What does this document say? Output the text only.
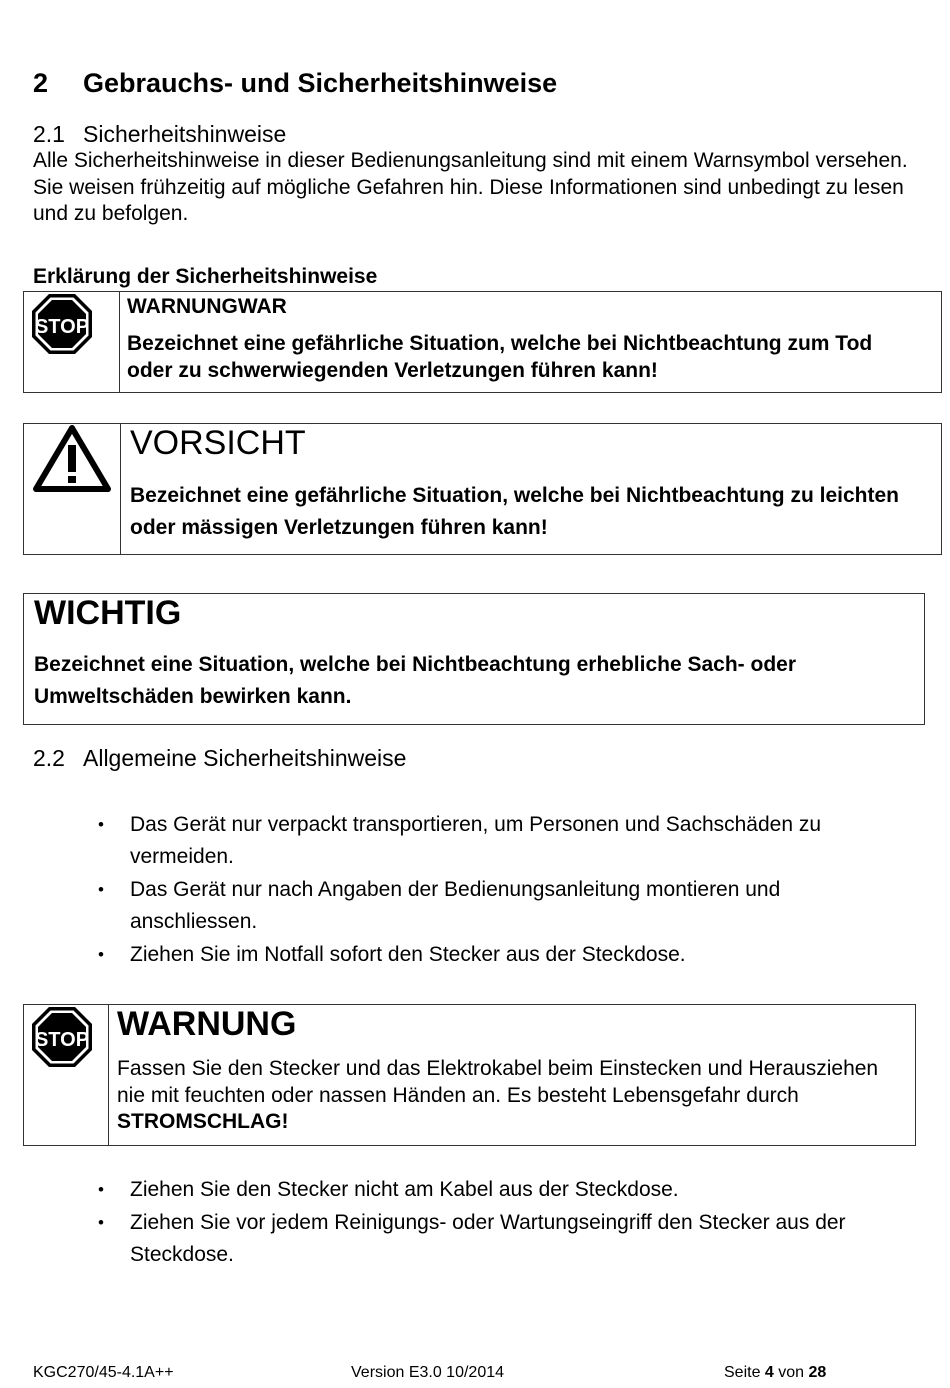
2 Gebrauchs- und Sicherheitshinweise
2.1 Sicherheitshinweise
Alle Sicherheitshinweise in dieser Bedienungsanleitung sind mit einem Warnsymbol versehen. Sie weisen frühzeitig auf mögliche Gefahren hin. Diese Informationen sind unbedingt zu lesen und zu befolgen.
Erklärung der Sicherheitshinweise
STOP
WARNUNGWAR
Bezeichnet eine gefährliche Situation, welche bei Nichtbeachtung zum Tod oder zu schwerwiegenden Verletzungen führen kann!
VORSICHT
Bezeichnet eine gefährliche Situation, welche bei Nichtbeachtung zu leichten oder mässigen Verletzungen führen kann!
WICHTIG
Bezeichnet eine Situation, welche bei Nichtbeachtung erhebliche Sach- oder Umweltschäden bewirken kann.
2.2 Allgemeine Sicherheitshinweise
• Das Gerät nur verpackt transportieren, um Personen und Sachschäden zu vermeiden.
• Das Gerät nur nach Angaben der Bedienungsanleitung montieren und anschliessen.
• Ziehen Sie im Notfall sofort den Stecker aus der Steckdose.
STOP WARNUNG
Fassen Sie den Stecker und das Elektrokabel beim Einstecken und Herausziehen nie mit feuchten oder nassen Händen an. Es besteht Lebensgefahr durch STROMSCHLAG!
• Ziehen Sie den Stecker nicht am Kabel aus der Steckdose.
• Ziehen Sie vor jedem Reinigungs- oder Wartungseingriff den Stecker aus der Steckdose.
KGC270/45-4.1A++	Version E3.0 10/2014	Seite 4 von 28
